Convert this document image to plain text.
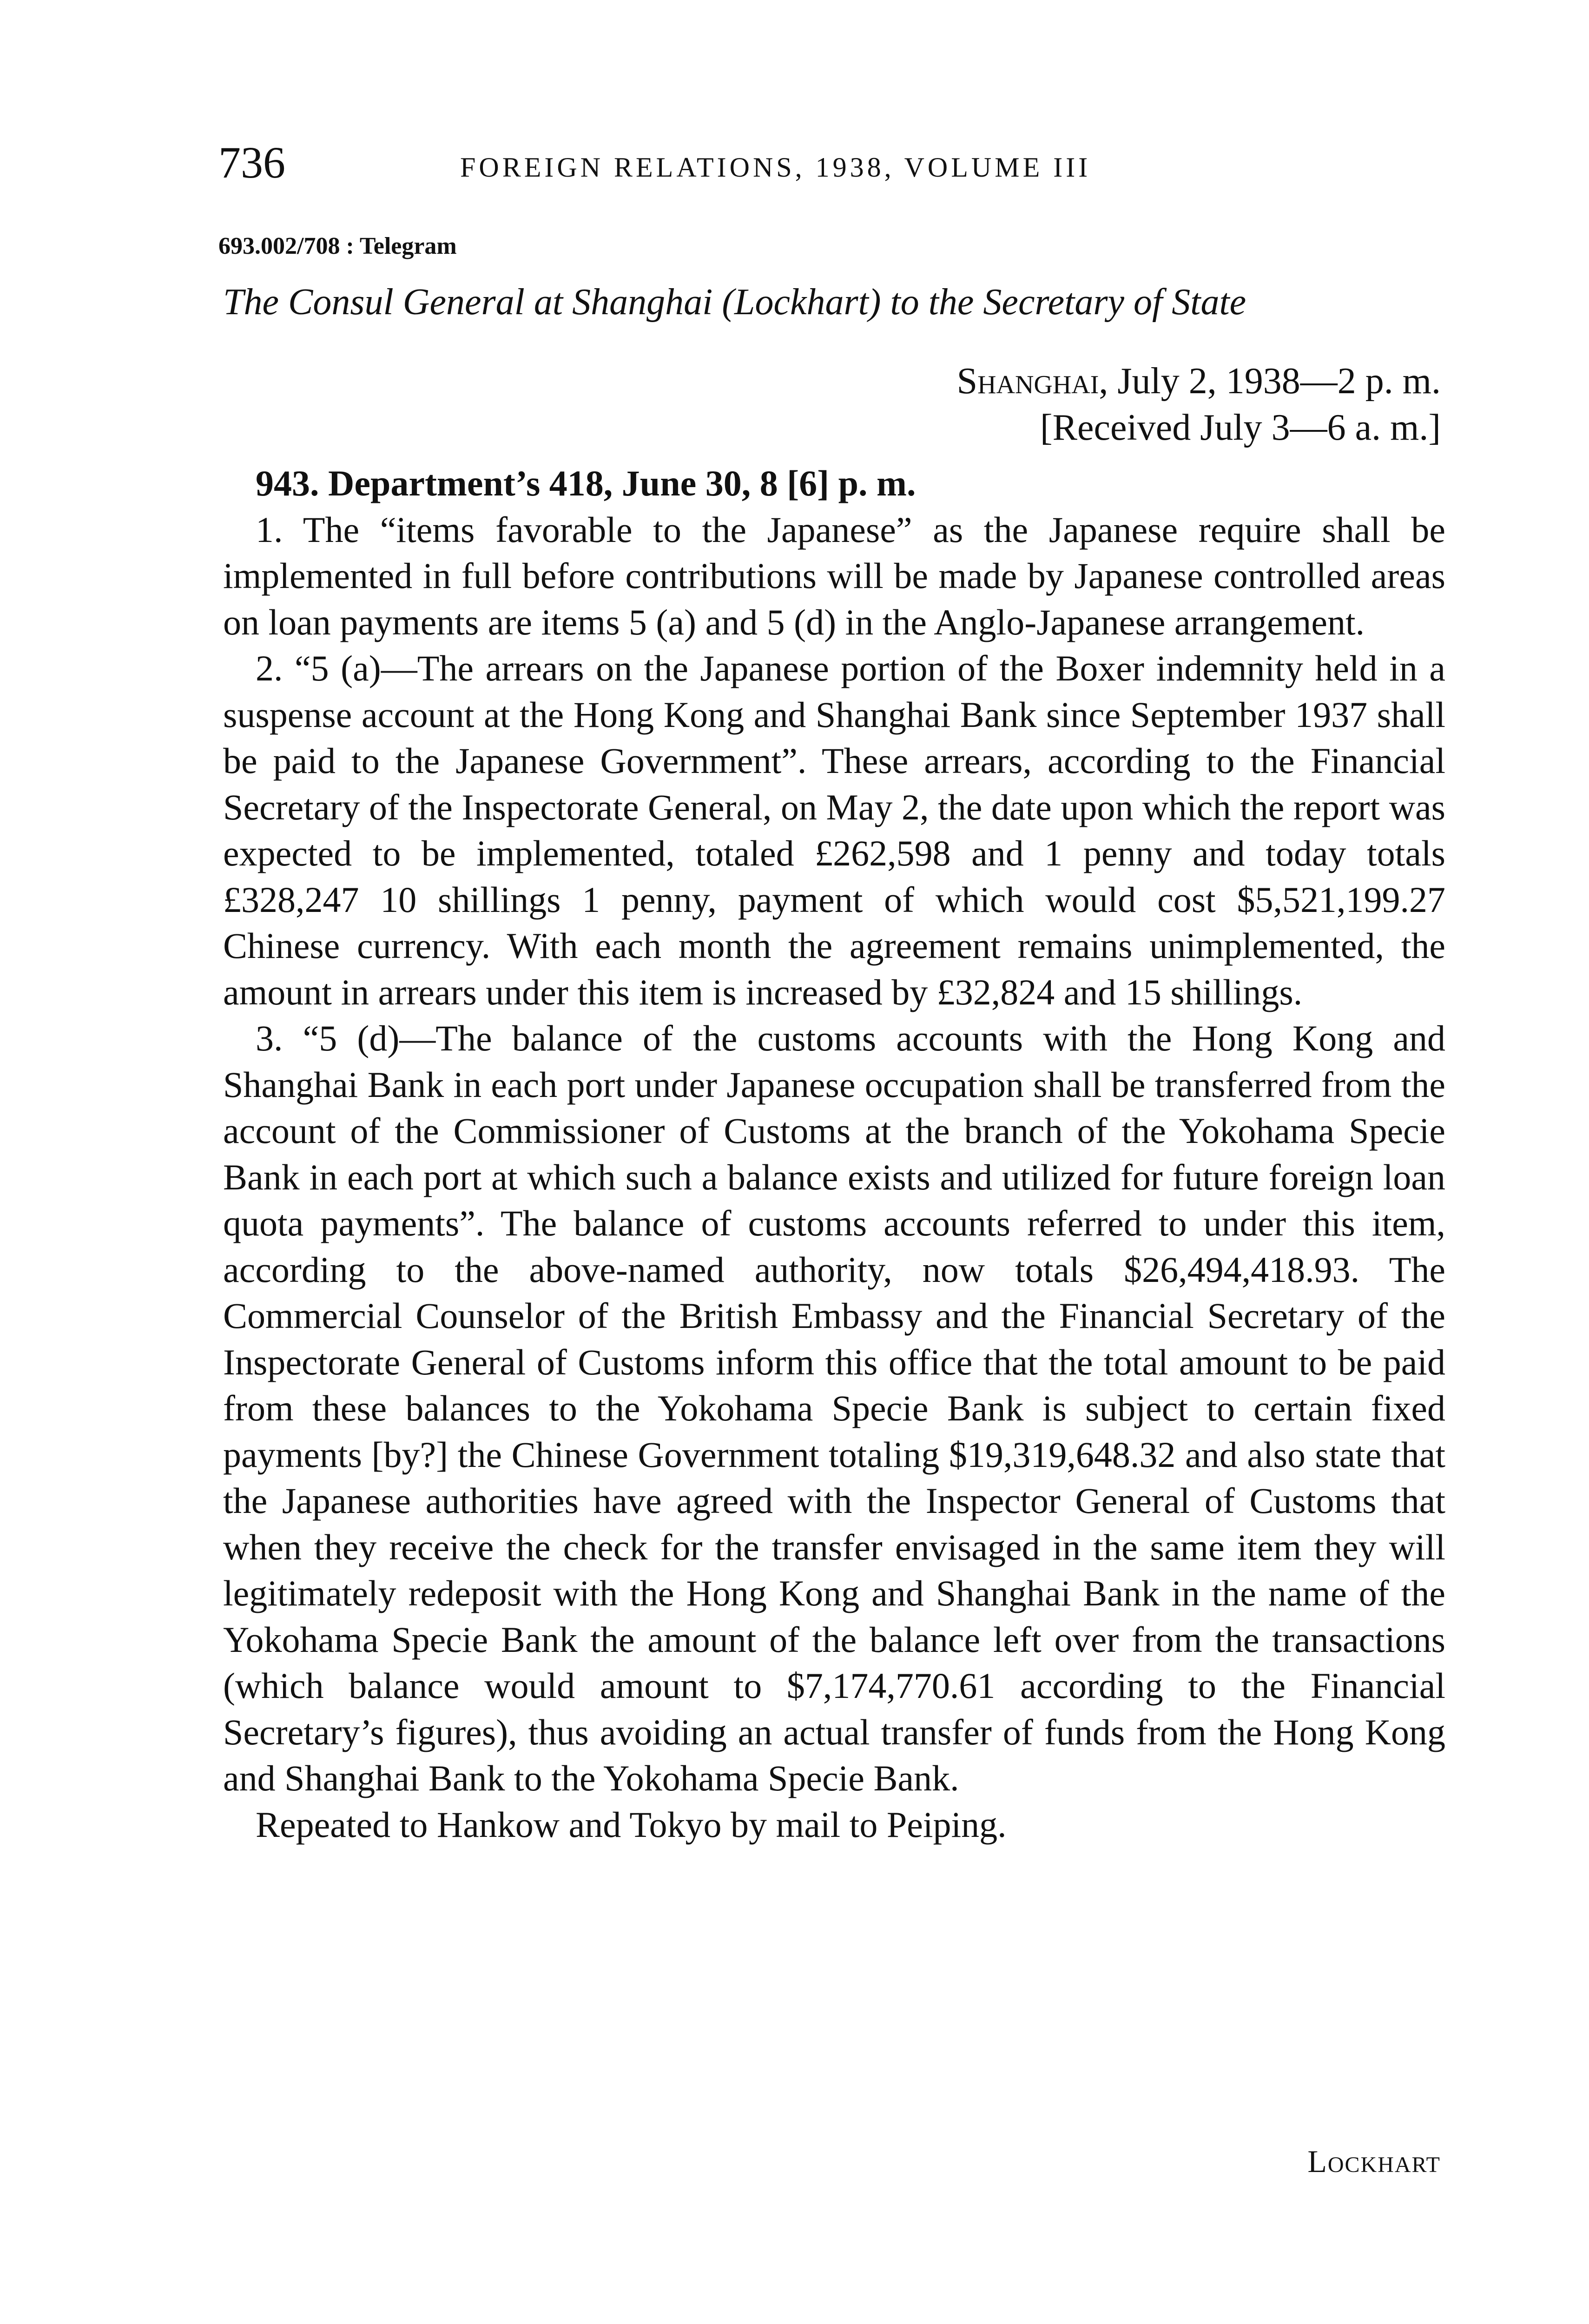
736	FOREIGN RELATIONS, 1938, VOLUME III
693.002/708 : Telegram
The Consul General at Shanghai (Lockhart) to the Secretary of State
Shanghai, July 2, 1938—2 p. m.
[Received July 3—6 a. m.]

943. Department’s 418, June 30, 8 [6] p. m.

1. The “items favorable to the Japanese” as the Japanese require shall be implemented in full before contributions will be made by Japanese controlled areas on loan payments are items 5 (a) and 5 (d) in the Anglo-Japanese arrangement.

2. “5 (a)—The arrears on the Japanese portion of the Boxer indemnity held in a suspense account at the Hong Kong and Shanghai Bank since September 1937 shall be paid to the Japanese Government”. These arrears, according to the Financial Secretary of the Inspectorate General, on May 2, the date upon which the report was expected to be implemented, totaled £262,598 and 1 penny and today totals £328,247 10 shillings 1 penny, payment of which would cost $5,521,199.27 Chinese currency. With each month the agreement remains unimplemented, the amount in arrears under this item is increased by £32,824 and 15 shillings.

3. “5 (d)—The balance of the customs accounts with the Hong Kong and Shanghai Bank in each port under Japanese occupation shall be transferred from the account of the Commissioner of Customs at the branch of the Yokohama Specie Bank in each port at which such a balance exists and utilized for future foreign loan quota payments”. The balance of customs accounts referred to under this item, according to the above-named authority, now totals $26,494,418.93. The Commercial Counselor of the British Embassy and the Financial Secretary of the Inspectorate General of Customs inform this office that the total amount to be paid from these balances to the Yokohama Specie Bank is subject to certain fixed payments [by?] the Chinese Government totaling $19,319,648.32 and also state that the Japanese authorities have agreed with the Inspector General of Customs that when they receive the check for the transfer envisaged in the same item they will legitimately redeposit with the Hong Kong and Shanghai Bank in the name of the Yokohama Specie Bank the amount of the balance left over from the transactions (which balance would amount to $7,174,770.61 according to the Financial Secretary’s figures), thus avoiding an actual transfer of funds from the Hong Kong and Shanghai Bank to the Yokohama Specie Bank.

Repeated to Hankow and Tokyo by mail to Peiping.

Lockhart
